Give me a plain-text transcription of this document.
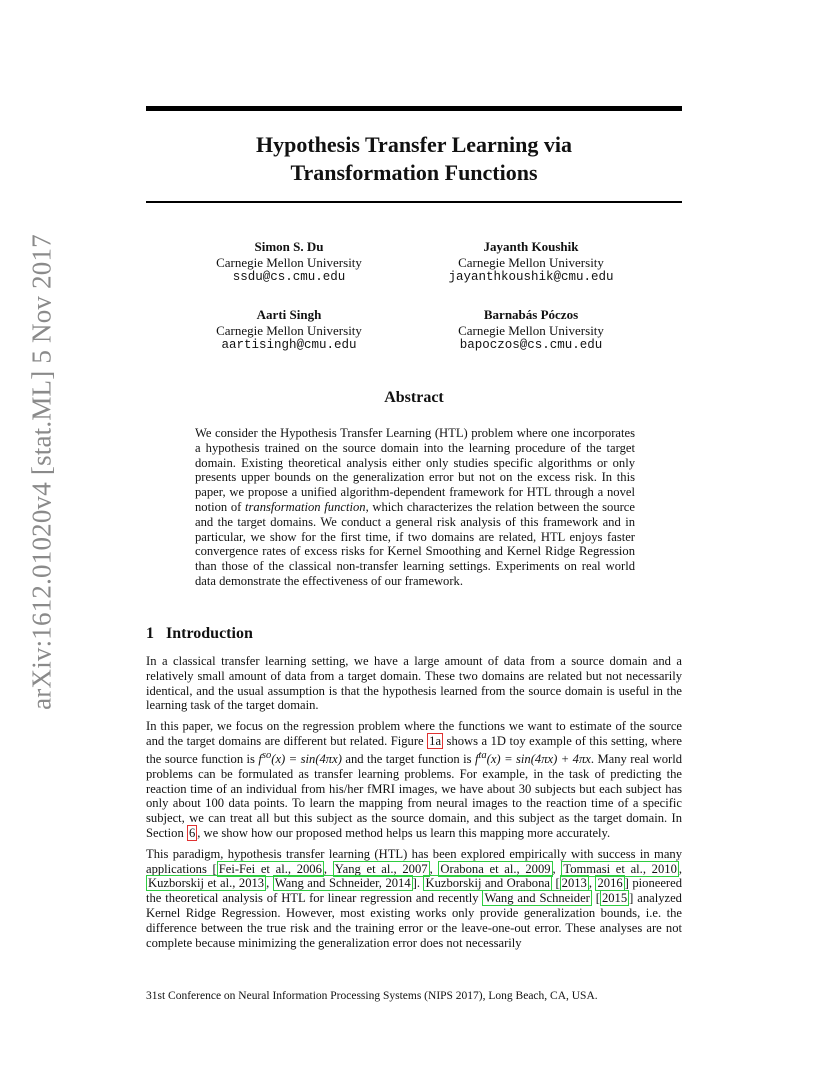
arXiv:1612.01020v4 [stat.ML] 5 Nov 2017
Hypothesis Transfer Learning via
Transformation Functions
Simon S. Du
Carnegie Mellon University
ssdu@cs.cmu.edu
Jayanth Koushik
Carnegie Mellon University
jayanthkoushik@cmu.edu
Aarti Singh
Carnegie Mellon University
aartisingh@cmu.edu
Barnabás Póczos
Carnegie Mellon University
bapoczos@cs.cmu.edu
Abstract
We consider the Hypothesis Transfer Learning (HTL) problem where one incorporates a hypothesis trained on the source domain into the learning procedure of the target domain. Existing theoretical analysis either only studies specific algorithms or only presents upper bounds on the generalization error but not on the excess risk. In this paper, we propose a unified algorithm-dependent framework for HTL through a novel notion of transformation function, which characterizes the relation between the source and the target domains. We conduct a general risk analysis of this framework and in particular, we show for the first time, if two domains are related, HTL enjoys faster convergence rates of excess risks for Kernel Smoothing and Kernel Ridge Regression than those of the classical non-transfer learning settings. Experiments on real world data demonstrate the effectiveness of our framework.
1 Introduction

In a classical transfer learning setting, we have a large amount of data from a source domain and a relatively small amount of data from a target domain. These two domains are related but not necessarily identical, and the usual assumption is that the hypothesis learned from the source domain is useful in the learning task of the target domain.

In this paper, we focus on the regression problem where the functions we want to estimate of the source and the target domains are different but related. Figure 1a shows a 1D toy example of this setting, where the source function is $f^{so}(x) = \sin(4\pi x)$ and the target function is $f^{ta}(x) = \sin(4\pi x) + 4\pi x$. Many real world problems can be formulated as transfer learning problems. For example, in the task of predicting the reaction time of an individual from his/her fMRI images, we have about 30 subjects but each subject has only about 100 data points. To learn the mapping from neural images to the reaction time of a specific subject, we can treat all but this subject as the source domain, and this subject as the target domain. In Section 6 , we show how our proposed method helps us learn this mapping more accurately.

This paradigm, hypothesis transfer learning (HTL) has been explored empirically with success in many applications [ Fei-Fei et al., 2006 , Yang et al., 2007 , Orabona et al., 2009 , Tommasi et al., 2010 , Kuzborskij et al., 2013 , Wang and Schneider, 2014 ]. Kuzborskij and Orabona [ 2013 , 2016 ] pioneered the theoretical analysis of HTL for linear regression and recently Wang and Schneider [ 2015 ] analyzed Kernel Ridge Regression. However, most existing works only provide generalization bounds, i.e. the difference between the true risk and the training error or the leave-one-out error. These analyses are not complete because minimizing the generalization error does not necessarily

31st Conference on Neural Information Processing Systems (NIPS 2017), Long Beach, CA, USA.
